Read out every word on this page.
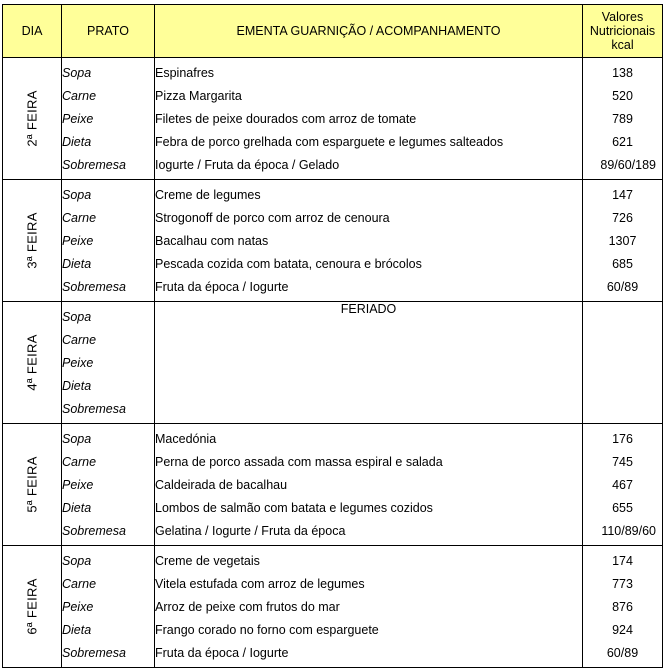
DIA	PRATO	EMENTA GUARNIÇÃO / ACOMPANHAMENTO	Valores
Nutricionais
kcal
2ª FEIRA	Sopa	Espinafres	138
	Carne	Pizza Margarita	520
	Peixe	Filetes de peixe dourados com arroz de tomate	789
	Dieta	Febra de porco grelhada com esparguete e legumes salteados	621
	Sobremesa	Iogurte / Fruta da época / Gelado	89/60/189
3ª FEIRA	Sopa	Creme de legumes	147
	Carne	Strogonoff de porco com arroz de cenoura	726
	Peixe	Bacalhau com natas	1307
	Dieta	Pescada cozida com batata, cenoura e brócolos	685
	Sobremesa	Fruta da época / Iogurte	60/89
4ª FEIRA	Sopa	FERIADO	
	Carne		
	Peixe		
	Dieta		
	Sobremesa		
5ª FEIRA	Sopa	Macedónia	176
	Carne	Perna de porco assada com massa espiral e salada	745
	Peixe	Caldeirada de bacalhau	467
	Dieta	Lombos de salmão com batata e legumes cozidos	655
	Sobremesa	Gelatina / Iogurte / Fruta da época	110/89/60
6ª FEIRA	Sopa	Creme de vegetais	174
	Carne	Vitela estufada com arroz de legumes	773
	Peixe	Arroz de peixe com frutos do mar	876
	Dieta	Frango corado no forno com esparguete	924
	Sobremesa	Fruta da época / Iogurte	60/89
